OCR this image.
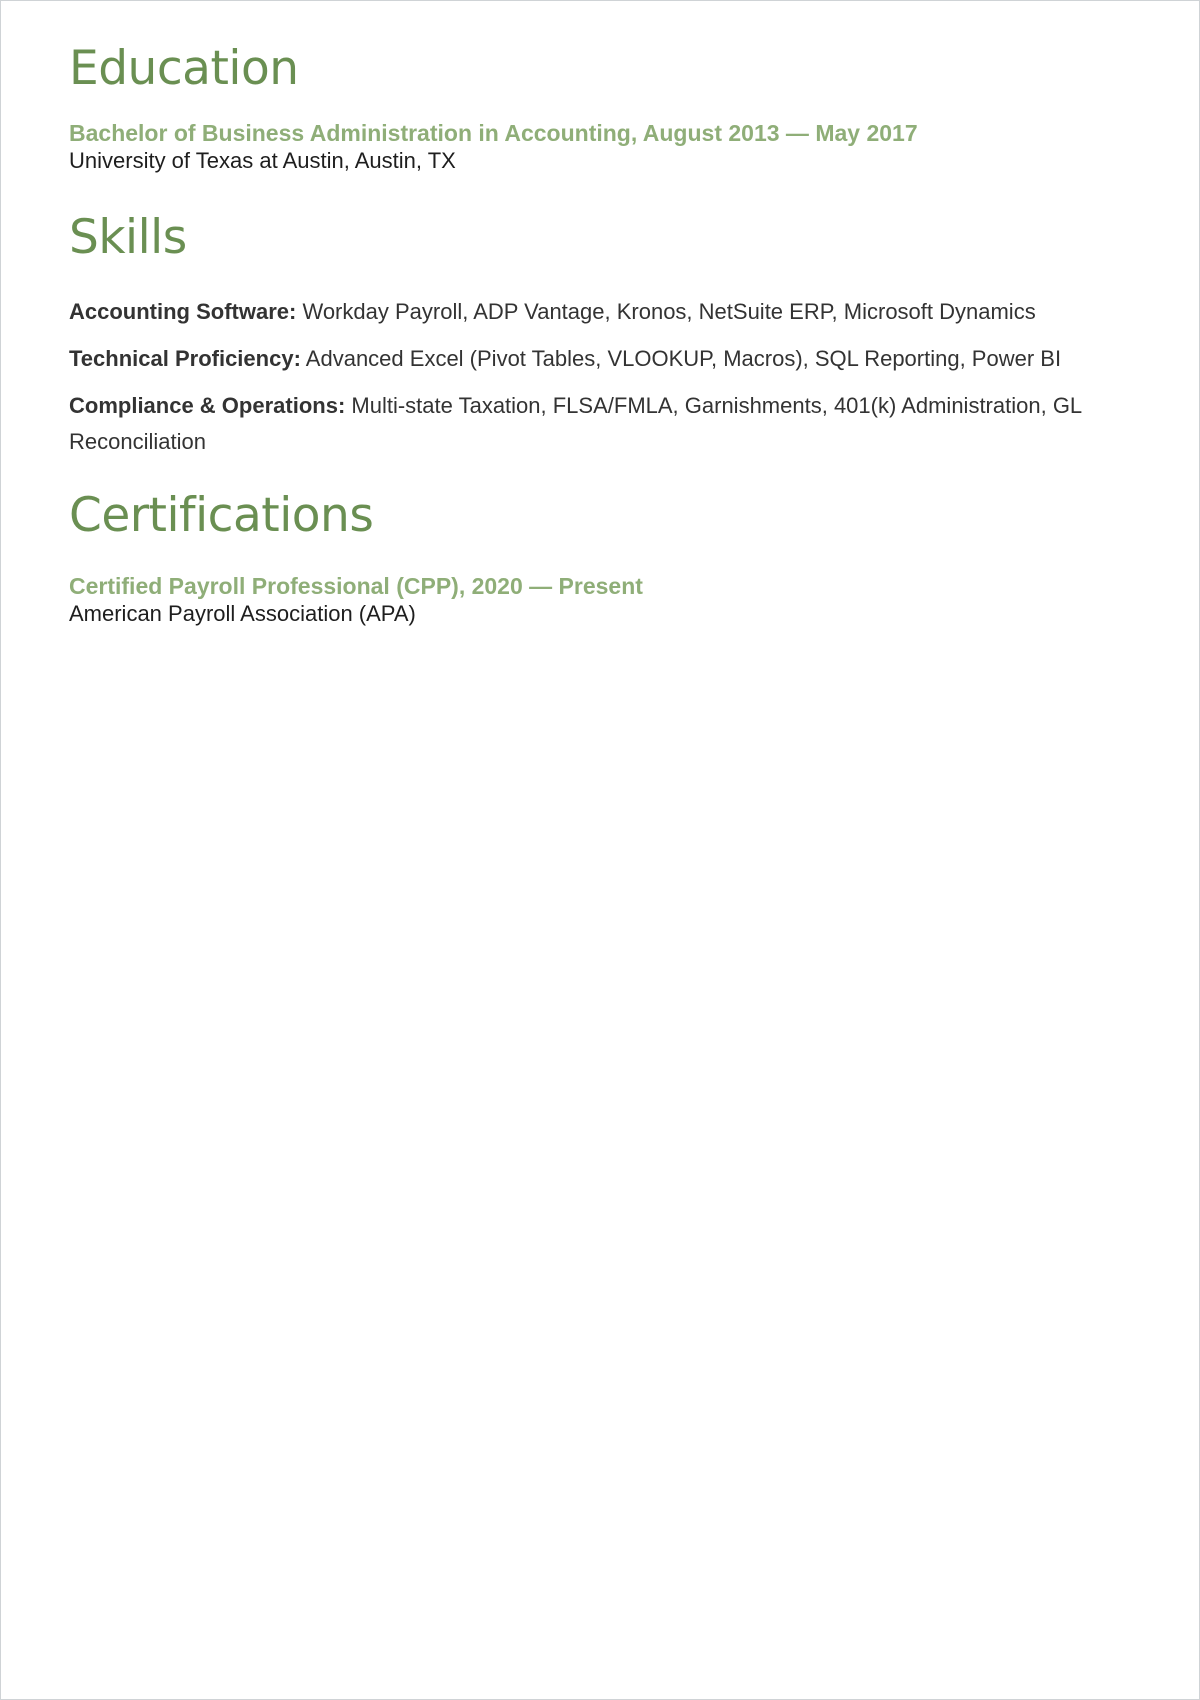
Education

Bachelor of Business Administration in Accounting, August 2013 — May 2017

University of Texas at Austin, Austin, TX

Skills

Accounting Software: Workday Payroll, ADP Vantage, Kronos, NetSuite ERP, Microsoft Dynamics

Technical Proficiency: Advanced Excel (Pivot Tables, VLOOKUP, Macros), SQL Reporting, Power BI

Compliance & Operations: Multi-state Taxation, FLSA/FMLA, Garnishments, 401(k) Administration, GL Reconciliation

Certifications

Certified Payroll Professional (CPP), 2020 — Present

American Payroll Association (APA)
